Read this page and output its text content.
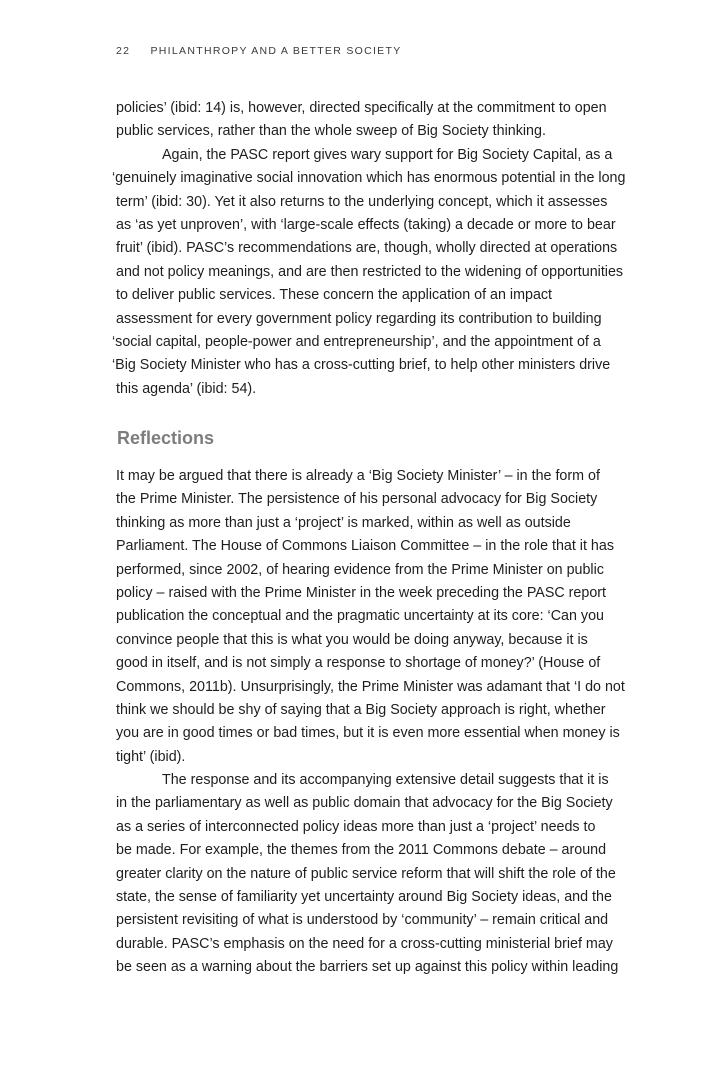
22 PHILANTHROPY AND A BETTER SOCIETY
policies’ (ibid: 14) is, however, directed specifically at the commitment to open
public services, rather than the whole sweep of Big Society thinking.
Again, the PASC report gives wary support for Big Society Capital, as a
‘genuinely imaginative social innovation which has enormous potential in the long
term’ (ibid: 30). Yet it also returns to the underlying concept, which it assesses
as ‘as yet unproven’, with ‘large-scale effects (taking) a decade or more to bear
fruit’ (ibid). PASC’s recommendations are, though, wholly directed at operations
and not policy meanings, and are then restricted to the widening of opportunities
to deliver public services. These concern the application of an impact
assessment for every government policy regarding its contribution to building
‘social capital, people-power and entrepreneurship’, and the appointment of a
‘Big Society Minister who has a cross-cutting brief, to help other ministers drive
this agenda’ (ibid: 54).
Reflections
It may be argued that there is already a ‘Big Society Minister’ – in the form of
the Prime Minister. The persistence of his personal advocacy for Big Society
thinking as more than just a ‘project’ is marked, within as well as outside
Parliament. The House of Commons Liaison Committee – in the role that it has
performed, since 2002, of hearing evidence from the Prime Minister on public
policy – raised with the Prime Minister in the week preceding the PASC report
publication the conceptual and the pragmatic uncertainty at its core: ‘Can you
convince people that this is what you would be doing anyway, because it is
good in itself, and is not simply a response to shortage of money?’ (House of
Commons, 2011b). Unsurprisingly, the Prime Minister was adamant that ‘I do not
think we should be shy of saying that a Big Society approach is right, whether
you are in good times or bad times, but it is even more essential when money is
tight’ (ibid).
The response and its accompanying extensive detail suggests that it is
in the parliamentary as well as public domain that advocacy for the Big Society
as a series of interconnected policy ideas more than just a ‘project’ needs to
be made. For example, the themes from the 2011 Commons debate – around
greater clarity on the nature of public service reform that will shift the role of the
state, the sense of familiarity yet uncertainty around Big Society ideas, and the
persistent revisiting of what is understood by ‘community’ – remain critical and
durable. PASC’s emphasis on the need for a cross-cutting ministerial brief may
be seen as a warning about the barriers set up against this policy within leading
